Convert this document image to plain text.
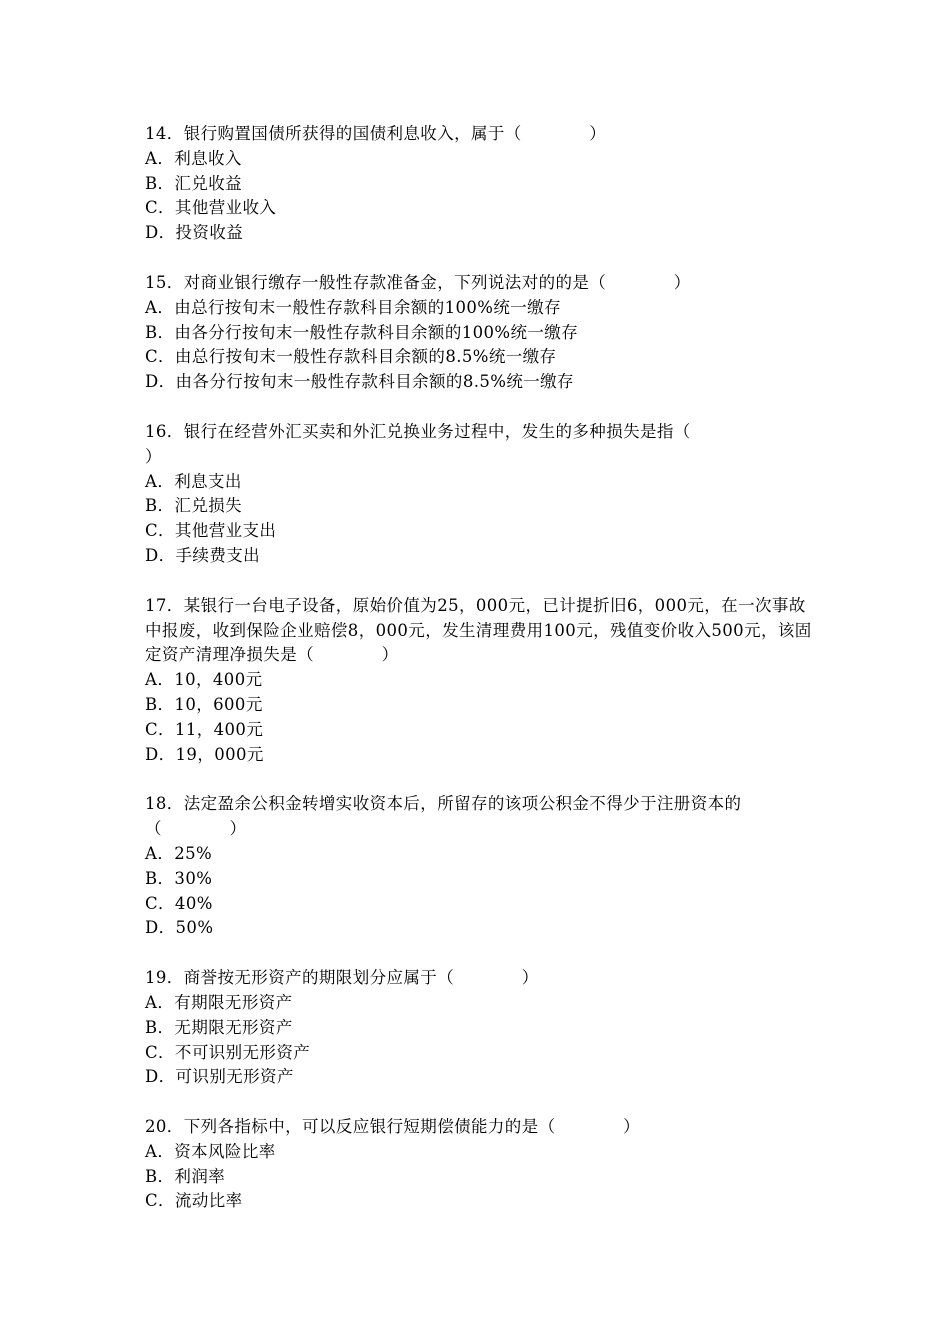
14．银行购置国债所获得的国债利息收入，属于（　　　　）

A．利息收入

B．汇兑收益

C．其他营业收入

D．投资收益

15．对商业银行缴存一般性存款准备金，下列说法对的的是（　　　　）

A．由总行按旬末一般性存款科目余额的100%统一缴存

B．由各分行按旬末一般性存款科目余额的100%统一缴存

C．由总行按旬末一般性存款科目余额的8.5%统一缴存

D．由各分行按旬末一般性存款科目余额的8.5%统一缴存

16．银行在经营外汇买卖和外汇兑换业务过程中，发生的多种损失是指（
）

A．利息支出

B．汇兑损失

C．其他营业支出

D．手续费支出

17．某银行一台电子设备，原始价值为25，000元，已计提折旧6，000元，在一次事故中报废，收到保险企业赔偿8，000元，发生清理费用100元，残值变价收入500元，该固定资产清理净损失是（　　　　）

A．10，400元

B．10，600元

C．11，400元

D．19，000元

18．法定盈余公积金转增实收资本后，所留存的该项公积金不得少于注册资本的（　　　　）

A．25%

B．30%

C．40%

D．50%

19．商誉按无形资产的期限划分应属于（　　　　）

A．有期限无形资产

B．无期限无形资产

C．不可识别无形资产

D．可识别无形资产

20．下列各指标中，可以反应银行短期偿债能力的是（　　　　）

A．资本风险比率

B．利润率

C．流动比率
